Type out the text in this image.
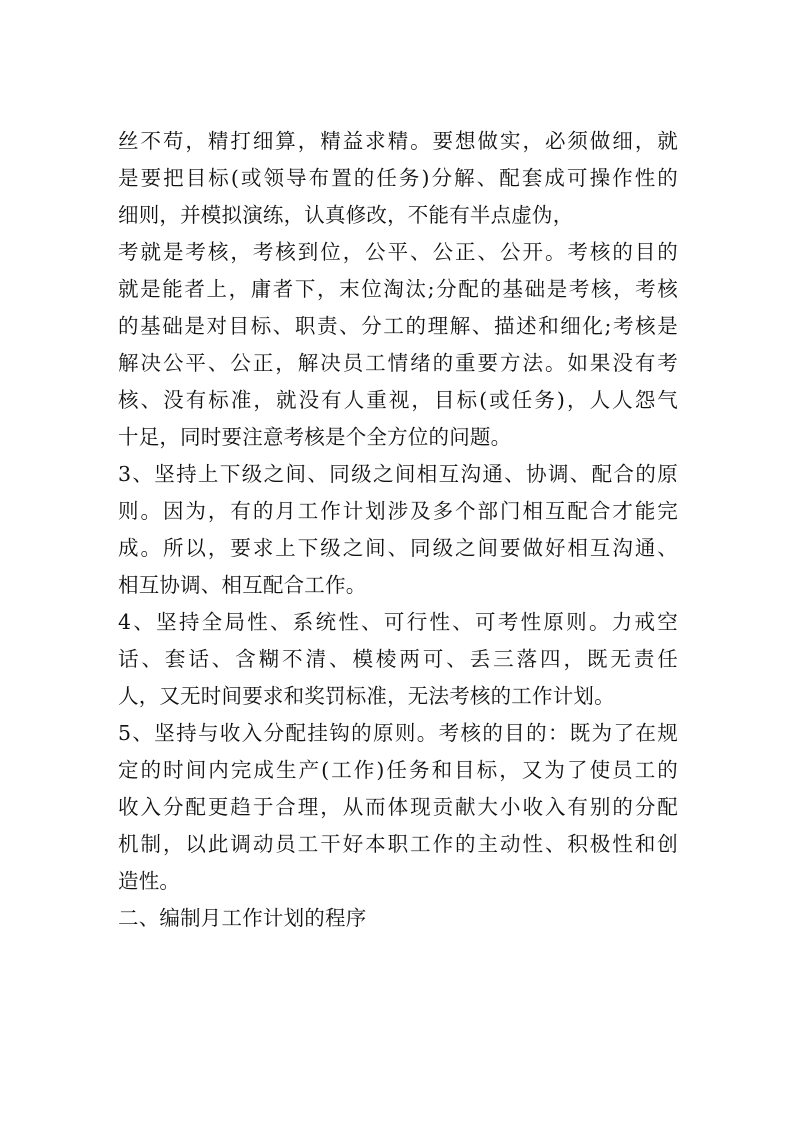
丝不苟，精打细算，精益求精。要想做实，必须做细，就
是要把目标(或领导布置的任务)分解、配套成可操作性的
细则，并模拟演练，认真修改，不能有半点虚伪，

考就是考核，考核到位，公平、公正、公开。考核的目的
就是能者上，庸者下，末位淘汰;分配的基础是考核，考核
的基础是对目标、职责、分工的理解、描述和细化;考核是
解决公平、公正，解决员工情绪的重要方法。如果没有考
核、没有标准，就没有人重视，目标(或任务)，人人怨气
十足，同时要注意考核是个全方位的问题。

3、坚持上下级之间、同级之间相互沟通、协调、配合的原
则。因为，有的月工作计划涉及多个部门相互配合才能完
成。所以，要求上下级之间、同级之间要做好相互沟通、
相互协调、相互配合工作。

4、坚持全局性、系统性、可行性、可考性原则。力戒空
话、套话、含糊不清、模棱两可、丢三落四，既无责任
人，又无时间要求和奖罚标准，无法考核的工作计划。

5、坚持与收入分配挂钩的原则。考核的目的：既为了在规
定的时间内完成生产(工作)任务和目标，又为了使员工的
收入分配更趋于合理，从而体现贡献大小收入有别的分配
机制，以此调动员工干好本职工作的主动性、积极性和创
造性。

二、编制月工作计划的程序
